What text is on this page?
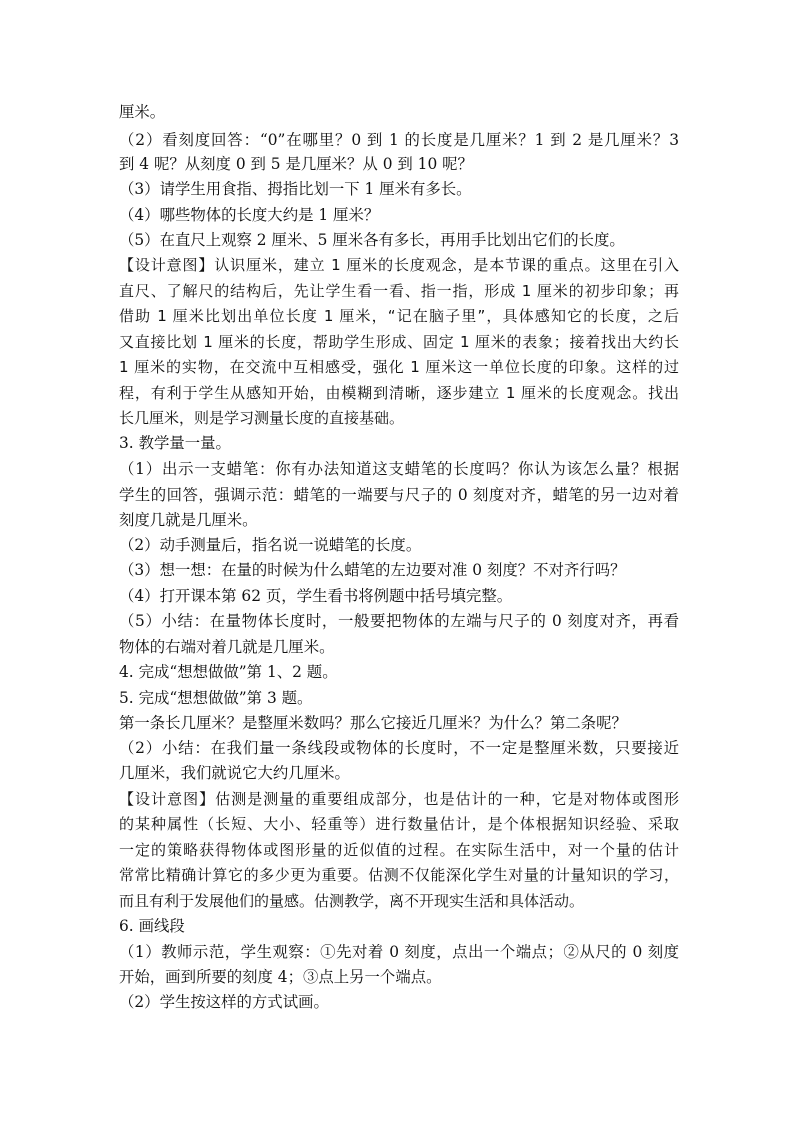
厘米。

（2）看刻度回答：“0”在哪里？0 到 1 的长度是几厘米？1 到 2 是几厘米？3

到 4 呢？从刻度 0 到 5 是几厘米？从 0 到 10 呢？

（3）请学生用食指、拇指比划一下 1 厘米有多长。

（4）哪些物体的长度大约是 1 厘米？

（5）在直尺上观察 2 厘米、5 厘米各有多长，再用手比划出它们的长度。

【设计意图】认识厘米，建立 1 厘米的长度观念，是本节课的重点。这里在引入

直尺、了解尺的结构后，先让学生看一看、指一指，形成 1 厘米的初步印象；再

借助 1 厘米比划出单位长度 1 厘米，“记在脑子里”，具体感知它的长度，之后

又直接比划 1 厘米的长度，帮助学生形成、固定 1 厘米的表象；接着找出大约长

1 厘米的实物，在交流中互相感受，强化 1 厘米这一单位长度的印象。这样的过

程，有利于学生从感知开始，由模糊到清晰，逐步建立 1 厘米的长度观念。找出

长几厘米，则是学习测量长度的直接基础。

3. 教学量一量。

（1）出示一支蜡笔：你有办法知道这支蜡笔的长度吗？你认为该怎么量？根据

学生的回答，强调示范：蜡笔的一端要与尺子的 0 刻度对齐，蜡笔的另一边对着

刻度几就是几厘米。

（2）动手测量后，指名说一说蜡笔的长度。

（3）想一想：在量的时候为什么蜡笔的左边要对准 0 刻度？不对齐行吗？

（4）打开课本第 62 页，学生看书将例题中括号填完整。

（5）小结：在量物体长度时，一般要把物体的左端与尺子的 0 刻度对齐，再看

物体的右端对着几就是几厘米。

4. 完成“想想做做”第 1、2 题。

5. 完成“想想做做”第 3 题。

第一条长几厘米？是整厘米数吗？那么它接近几厘米？为什么？第二条呢？

（2）小结：在我们量一条线段或物体的长度时，不一定是整厘米数，只要接近

几厘米，我们就说它大约几厘米。

【设计意图】估测是测量的重要组成部分，也是估计的一种，它是对物体或图形

的某种属性（长短、大小、轻重等）进行数量估计，是个体根据知识经验、采取

一定的策略获得物体或图形量的近似值的过程。在实际生活中，对一个量的估计

常常比精确计算它的多少更为重要。估测不仅能深化学生对量的计量知识的学习，

而且有利于发展他们的量感。估测教学，离不开现实生活和具体活动。

6. 画线段

（1）教师示范，学生观察：①先对着 0 刻度，点出一个端点；②从尺的 0 刻度

开始，画到所要的刻度 4；③点上另一个端点。

（2）学生按这样的方式试画。
